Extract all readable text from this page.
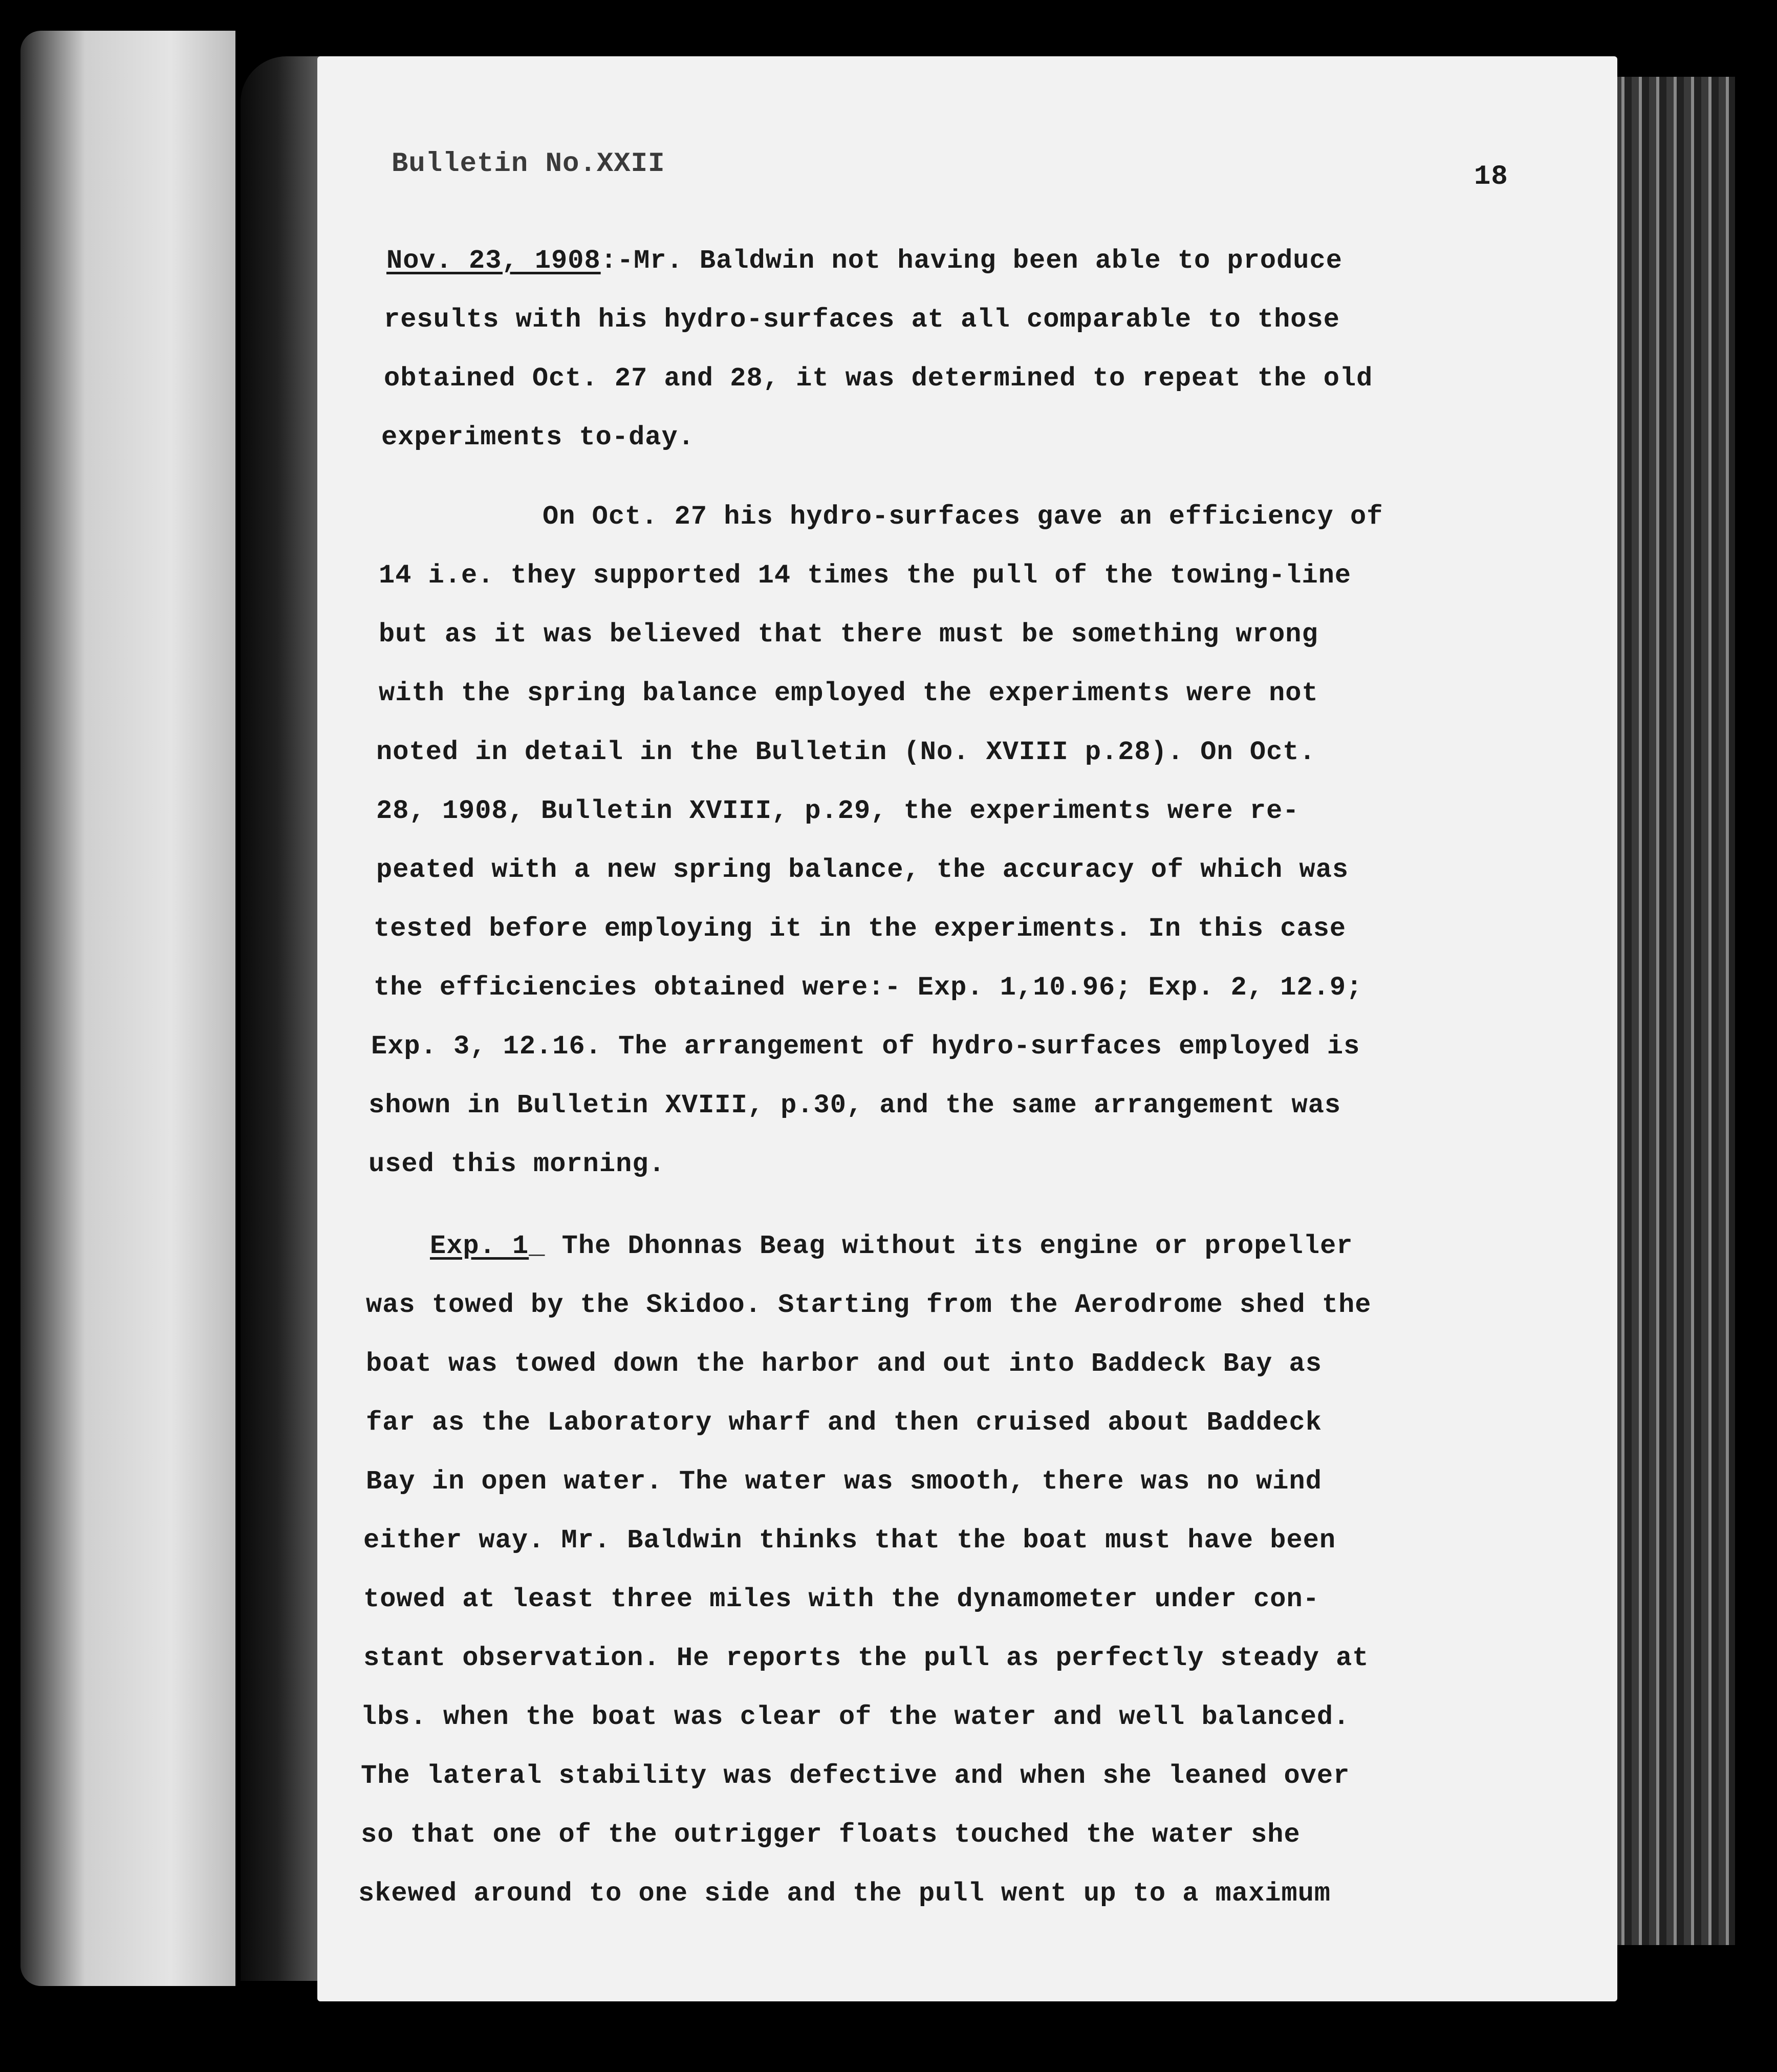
Bulletin No.XXII	18
Nov. 23, 1908:-Mr. Baldwin not having been able to produce
results with his hydro-surfaces at all comparable to those
obtained Oct. 27 and 28, it was determined to repeat the old
experiments to-day.
On Oct. 27 his hydro-surfaces gave an efficiency of
14 i.e. they supported 14 times the pull of the towing-line
but as it was believed that there must be something wrong
with the spring balance employed the experiments were not
noted in detail in the Bulletin (No. XVIII p.28). On Oct.
28, 1908, Bulletin XVIII, p.29, the experiments were re-
peated with a new spring balance, the accuracy of which was
tested before employing it in the experiments. In this case
the efficiencies obtained were:- Exp. 1,10.96; Exp. 2, 12.9;
Exp. 3, 12.16. The arrangement of hydro-surfaces employed is
shown in Bulletin XVIII, p.30, and the same arrangement was
used this morning.
Exp. 1_ The Dhonnas Beag without its engine or propeller
was towed by the Skidoo. Starting from the Aerodrome shed the
boat was towed down the harbor and out into Baddeck Bay as
far as the Laboratory wharf and then cruised about Baddeck
Bay in open water. The water was smooth, there was no wind
either way. Mr. Baldwin thinks that the boat must have been
towed at least three miles with the dynamometer under con-
stant observation. He reports the pull as perfectly steady at
lbs. when the boat was clear of the water and well balanced.
The lateral stability was defective and when she leaned over
so that one of the outrigger floats touched the water she
skewed around to one side and the pull went up to a maximum
